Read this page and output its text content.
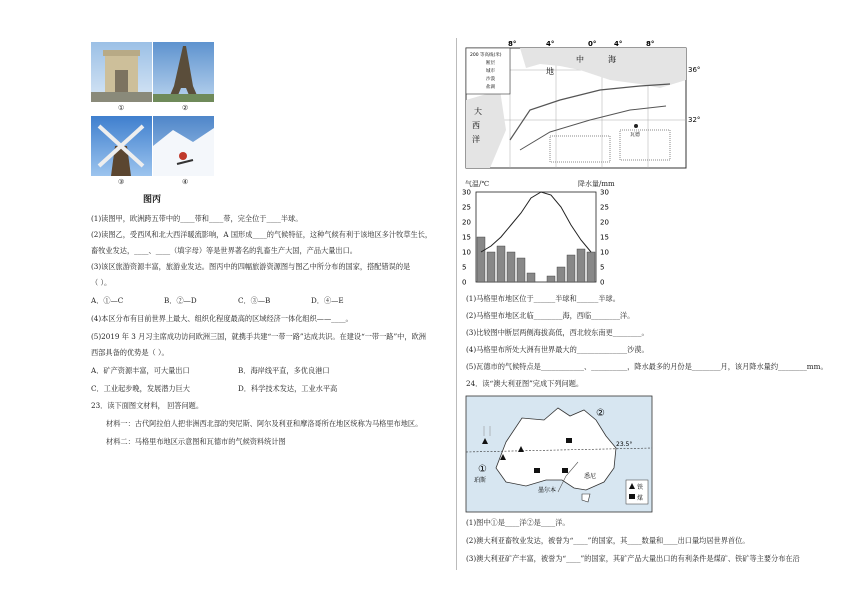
①	②
③	④
图丙
(1)读图甲，欧洲跨五带中的____带和____带，完全位于____半球。
(2)读图乙，受西风和北大西洋暖流影响，A 国形成____的气候特征，这种气候有利于该地区多汁牧草生长，
畜牧业发达，____、____（填字母）等是世界著名的乳畜生产大国，产品大量出口。
(3)该区旅游资源丰富，旅游业发达。图丙中的四幅旅游资源图与图乙中所分布的国家，搭配错误的是
（ ）。
A．①—C	B．②—D	C．③—B	D．④—E
(4)本区分布有目前世界上最大、组织化程度最高的区域经济一体化组织——____。
(5)2019 年 3 月习主席成功访问欧洲三国，就携手共建“一带一路”达成共识。在建设“一带一路”中，欧洲
西部具备的优势是（ ）。
A．矿产资源丰富，可大量出口	B．海岸线平直，多优良港口
C．工业起步晚，发展潜力巨大	D．科学技术发达，工业水平高
23．读下面图文材料， 回答问题。
材料一：古代阿拉伯人把非洲西北部的突尼斯、阿尔及利亚和摩洛哥所在地区统称为马格里布地区。
材料二：马格里布地区示意图和瓦德市的气候资料统计图
8°	4°	0°	4°	8°
36°
32°
200 等高线(米)
断层
城市
沙漠
盐湖
地
中	海
大
西
洋	瓦德
气温/℃	降水量/mm
30
25
20
15
10
5
0
30
25
20
15
10
5
0
(1)马格里布地区位于______半球和______半球。
(2)马格里布地区北临________海，西临________洋。
(3)比较图中断层两侧海拔高低，西北较东南更________。
(4)马格里布所处大洲有世界最大的______________沙漠。
(5)瓦德市的气候特点是____________、__________，降水最多的月份是________月，该月降水量约________mm。
24．读“澳大利亚图”完成下列问题。
②
①
23.5°
珀斯
悉尼
墨尔本	铁
煤
(1)图中①是____洋②是____洋。
(2)澳大利亚畜牧业发达，被誉为“____”的国家，其____数量和____出口量均居世界首位。
(3)澳大利亚矿产丰富，被誉为“____”的国家，其矿产品大量出口的有利条件是煤矿、铁矿等主要分布在沿
